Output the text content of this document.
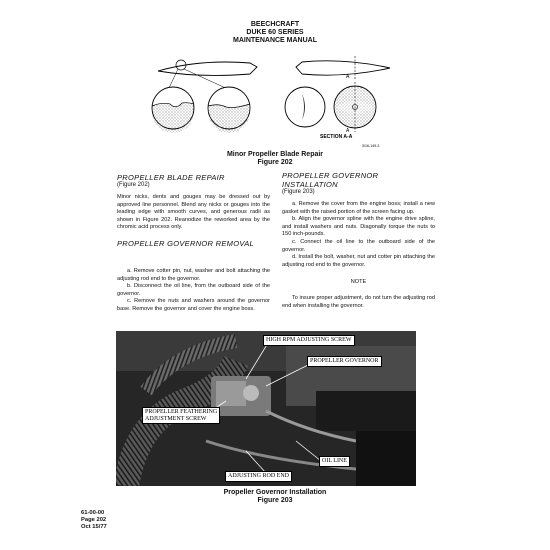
BEECHCRAFT
DUKE 60 SERIES
MAINTENANCE MANUAL
A
A
SECTION A-A
3/16-149-3
Minor Propeller Blade Repair
Figure 202
PROPELLER BLADE REPAIR
(Figure 202)
Minor nicks, dents and gouges may be dressed out by approved line personnel. Blend any nicks or gouges into the leading edge with smooth curves, and generous radii as shown in Figure 202. Reanodize the reworked area by the chromic acid process only.
PROPELLER GOVERNOR REMOVAL

a. Remove cotter pin, nut, washer and bolt attaching the adjusting rod end to the governor.

b. Disconnect the oil line, from the outboard side of the governor.

c. Remove the nuts and washers around the governor base. Remove the governor and cover the engine boss.

PROPELLER GOVERNOR INSTALLATION
(Figure 203)

a. Remove the cover from the engine boss; install a new gasket with the raised portion of the screen facing up.

b. Align the governor spline with the engine drive spline, and install washers and nuts. Diagonally torque the nuts to 150 inch-pounds.

c. Connect the oil line to the outboard side of the governor.

d. Install the bolt, washer, nut and cotter pin attaching the adjusting rod end to the governor.

NOTE
To insure proper adjustment, do not turn the adjusting rod end when installing the governor.
HIGH RPM ADJUSTING SCREW
PROPELLER GOVERNOR
PROPELLER FEATHERING
ADJUSTMENT SCREW
OIL LINE
ADJUSTING ROD END
60-324-1
Propeller Governor Installation
Figure 203
61-00-00
Page 202
Oct 15/77
